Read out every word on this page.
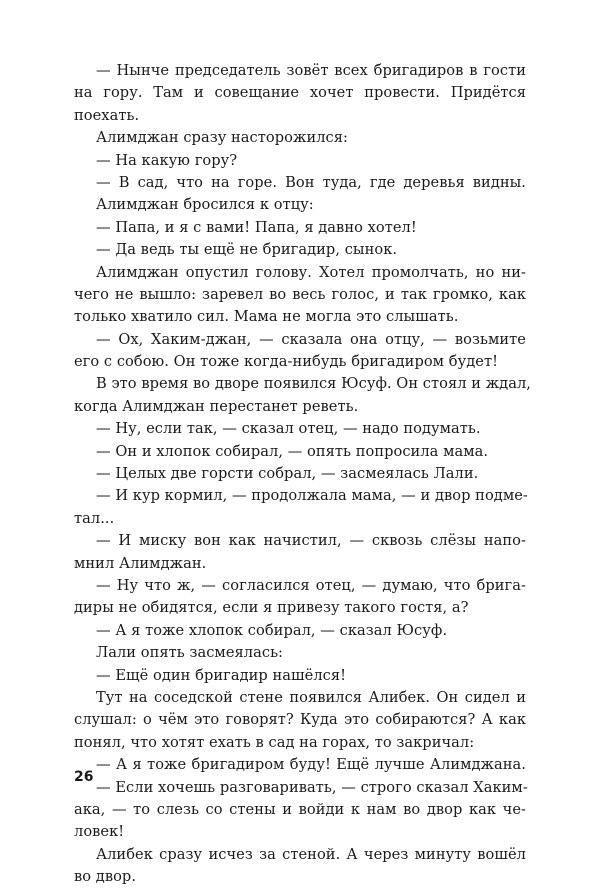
— Нынче председатель зовёт всех бригадиров в гости
на гору. Там и совещание хочет провести. Придётся
поехать.
Алимджан сразу насторожился:
— На какую гору?
— В сад, что на горе. Вон туда, где деревья видны.
Алимджан бросился к отцу:
— Папа, и я с вами! Папа, я давно хотел!
— Да ведь ты ещё не бригадир, сынок.
Алимджан опустил голову. Хотел промолчать, но ни-
чего не вышло: заревел во весь голос, и так громко, как
только хватило сил. Мама не могла это слышать.
— Ох, Хаким-джан, — сказала она отцу, — возьмите
его с собою. Он тоже когда-нибудь бригадиром будет!
В это время во дворе появился Юсуф. Он стоял и ждал,
когда Алимджан перестанет реветь.
— Ну, если так, — сказал отец, — надо подумать.
— Он и хлопок собирал, — опять попросила мама.
— Целых две горсти собрал, — засмеялась Лали.
— И кур кормил, — продолжала мама, — и двор подме-
тал...
— И миску вон как начистил, — сквозь слёзы напо-
мнил Алимджан.
— Ну что ж, — согласился отец, — думаю, что брига-
диры не обидятся, если я привезу такого гостя, а?
— А я тоже хлопок собирал, — сказал Юсуф.
Лали опять засмеялась:
— Ещё один бригадир нашёлся!
Тут на соседской стене появился Алибек. Он сидел и
слушал: о чём это говорят? Куда это собираются? А как
понял, что хотят ехать в сад на горах, то закричал:
— А я тоже бригадиром буду! Ещё лучше Алимджана.
— Если хочешь разговаривать, — строго сказал Хаким-
ака, — то слезь со стены и войди к нам во двор как че-
ловек!
Алибек сразу исчез за стеной. А через минуту вошёл
во двор.
26
